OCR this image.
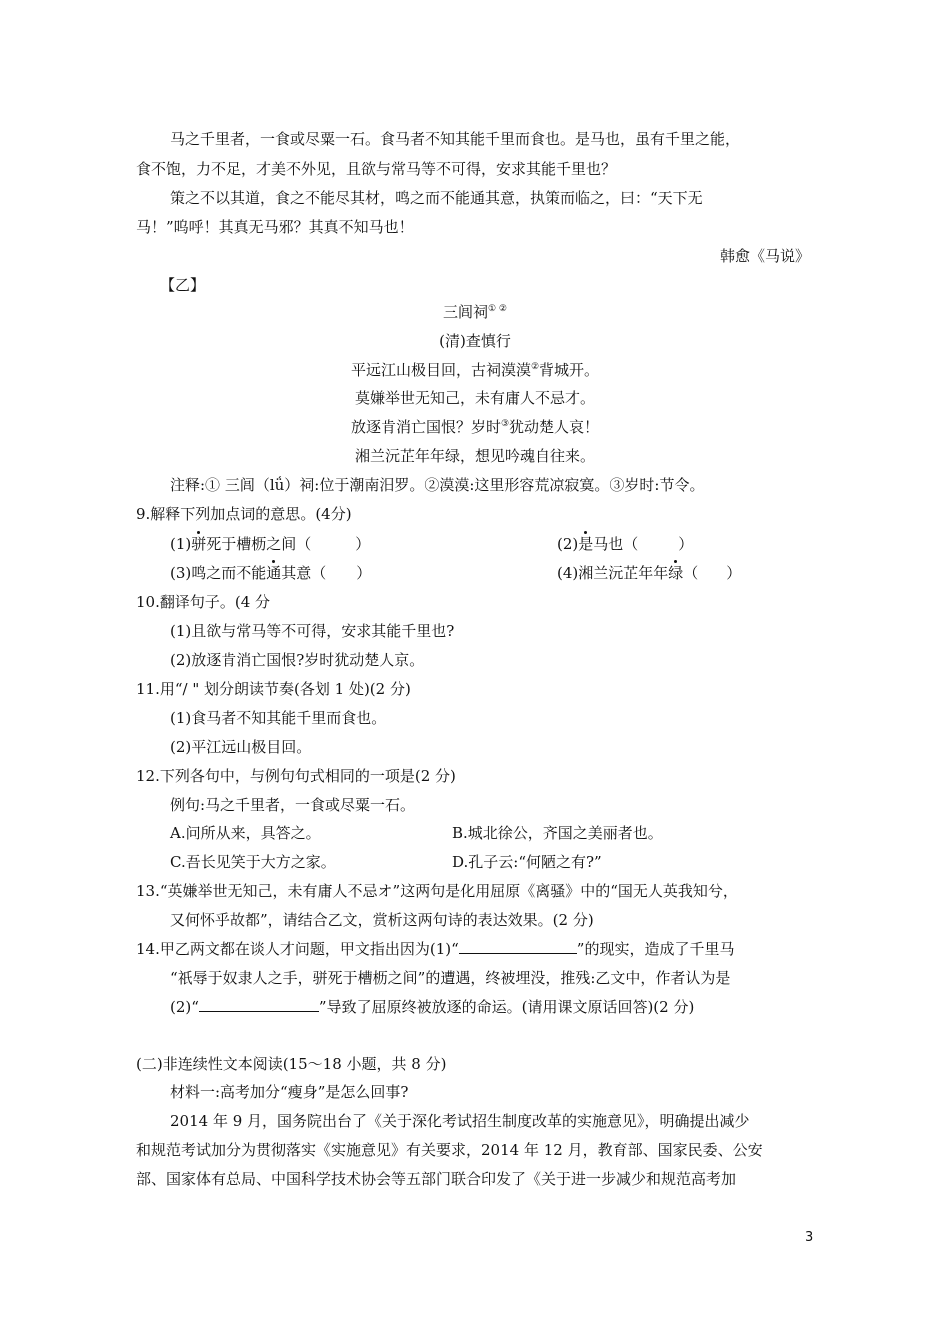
马之千里者，一食或尽粟一石。食马者不知其能千里而食也。是马也，虽有千里之能，
食不饱，力不足，才美不外见，且欲与常马等不可得，安求其能千里也？
策之不以其道，食之不能尽其材，鸣之而不能通其意，执策而临之，曰：“天下无
马！”呜呼！其真无马邪？其真不知马也！
韩愈《马说》
【乙】
三闾祠① ②
(清)查慎行
平远江山极目回，古祠漠漠②背城开。
莫嫌举世无知己，未有庸人不忌才。
放逐肯消亡国恨？岁时③犹动楚人哀！
湘兰沅芷年年绿，想见吟魂自往来。
注释:① 三闾（lǘ）祠:位于潮南汨罗。②漠漠:这里形容荒凉寂寞。③岁时:节令。
9.解释下列加点词的意思。(4分)
(1)骈死于槽枥之间（	）	(2)是马也（	）
(3)鸣之而不能通其意（ ）	(4)湘兰沅芷年年绿（ ）
10.翻译句子。(4 分
(1)且欲与常马等不可得，安求其能千里也?
(2)放逐肯消亡国恨?岁时犹动楚人京。
11.用“/ " 划分朗读节奏(各划 1 处)(2 分)
(1)食马者不知其能千里而食也。
(2)平江远山极目回。
12.下列各句中，与例句句式相同的一项是(2 分)
例句:马之千里者，一食或尽粟一石。
A.问所从来，具答之。	B.城北徐公，齐国之美丽者也。
C.吾长见笑于大方之家。	D.孔子云:“何陋之有?”
13.“英嫌举世无知己，未有庸人不忌オ”这两句是化用屈原《离骚》中的“国无人英我知兮，
又何怀乎故都”，请结合乙文，赏析这两句诗的表达效果。(2 分)
14.甲乙两文都在谈人才问题，甲文指出因为(1)“	”的现实，造成了千里马
“祇辱于奴隶人之手，骈死于槽枥之间”的遭遇，终被埋没，推残:乙文中，作者认为是
(2)“	”导致了屈原终被放逐的命运。(请用课文原话回答)(2 分)
(二)非连续性文本阅读(15～18 小题，共 8 分)
材料一:高考加分“瘦身”是怎么回事?
2014 年 9 月，国务院出台了《关于深化考试招生制度改革的实施意见》，明确提出减少
和规范考试加分为贯彻落实《实施意见》有关要求，2014 年 12 月，教育部、国家民委、公安
部、国家体有总局、中国科学技术协会等五部门联合印发了《关于进一步减少和规范高考加
3
